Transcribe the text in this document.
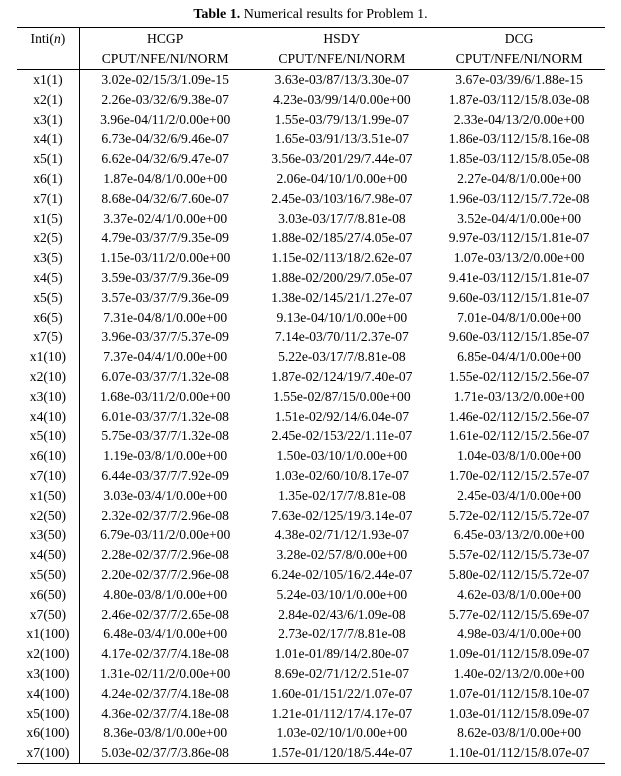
Table 1. Numerical results for Problem 1.
Inti(n)	HCGP	HSDY	DCG
	CPUT/NFE/NI/NORM	CPUT/NFE/NI/NORM	CPUT/NFE/NI/NORM
x1(1)	3.02e-02/15/3/1.09e-15	3.63e-03/87/13/3.30e-07	3.67e-03/39/6/1.88e-15
x2(1)	2.26e-03/32/6/9.38e-07	4.23e-03/99/14/0.00e+00	1.87e-03/112/15/8.03e-08
x3(1)	3.96e-04/11/2/0.00e+00	1.55e-03/79/13/1.99e-07	2.33e-04/13/2/0.00e+00
x4(1)	6.73e-04/32/6/9.46e-07	1.65e-03/91/13/3.51e-07	1.86e-03/112/15/8.16e-08
x5(1)	6.62e-04/32/6/9.47e-07	3.56e-03/201/29/7.44e-07	1.85e-03/112/15/8.05e-08
x6(1)	1.87e-04/8/1/0.00e+00	2.06e-04/10/1/0.00e+00	2.27e-04/8/1/0.00e+00
x7(1)	8.68e-04/32/6/7.60e-07	2.45e-03/103/16/7.98e-07	1.96e-03/112/15/7.72e-08
x1(5)	3.37e-02/4/1/0.00e+00	3.03e-03/17/7/8.81e-08	3.52e-04/4/1/0.00e+00
x2(5)	4.79e-03/37/7/9.35e-09	1.88e-02/185/27/4.05e-07	9.97e-03/112/15/1.81e-07
x3(5)	1.15e-03/11/2/0.00e+00	1.15e-02/113/18/2.62e-07	1.07e-03/13/2/0.00e+00
x4(5)	3.59e-03/37/7/9.36e-09	1.88e-02/200/29/7.05e-07	9.41e-03/112/15/1.81e-07
x5(5)	3.57e-03/37/7/9.36e-09	1.38e-02/145/21/1.27e-07	9.60e-03/112/15/1.81e-07
x6(5)	7.31e-04/8/1/0.00e+00	9.13e-04/10/1/0.00e+00	7.01e-04/8/1/0.00e+00
x7(5)	3.96e-03/37/7/5.37e-09	7.14e-03/70/11/2.37e-07	9.60e-03/112/15/1.85e-07
x1(10)	7.37e-04/4/1/0.00e+00	5.22e-03/17/7/8.81e-08	6.85e-04/4/1/0.00e+00
x2(10)	6.07e-03/37/7/1.32e-08	1.87e-02/124/19/7.40e-07	1.55e-02/112/15/2.56e-07
x3(10)	1.68e-03/11/2/0.00e+00	1.55e-02/87/15/0.00e+00	1.71e-03/13/2/0.00e+00
x4(10)	6.01e-03/37/7/1.32e-08	1.51e-02/92/14/6.04e-07	1.46e-02/112/15/2.56e-07
x5(10)	5.75e-03/37/7/1.32e-08	2.45e-02/153/22/1.11e-07	1.61e-02/112/15/2.56e-07
x6(10)	1.19e-03/8/1/0.00e+00	1.50e-03/10/1/0.00e+00	1.04e-03/8/1/0.00e+00
x7(10)	6.44e-03/37/7/7.92e-09	1.03e-02/60/10/8.17e-07	1.70e-02/112/15/2.57e-07
x1(50)	3.03e-03/4/1/0.00e+00	1.35e-02/17/7/8.81e-08	2.45e-03/4/1/0.00e+00
x2(50)	2.32e-02/37/7/2.96e-08	7.63e-02/125/19/3.14e-07	5.72e-02/112/15/5.72e-07
x3(50)	6.79e-03/11/2/0.00e+00	4.38e-02/71/12/1.93e-07	6.45e-03/13/2/0.00e+00
x4(50)	2.28e-02/37/7/2.96e-08	3.28e-02/57/8/0.00e+00	5.57e-02/112/15/5.73e-07
x5(50)	2.20e-02/37/7/2.96e-08	6.24e-02/105/16/2.44e-07	5.80e-02/112/15/5.72e-07
x6(50)	4.80e-03/8/1/0.00e+00	5.24e-03/10/1/0.00e+00	4.62e-03/8/1/0.00e+00
x7(50)	2.46e-02/37/7/2.65e-08	2.84e-02/43/6/1.09e-08	5.77e-02/112/15/5.69e-07
x1(100)	6.48e-03/4/1/0.00e+00	2.73e-02/17/7/8.81e-08	4.98e-03/4/1/0.00e+00
x2(100)	4.17e-02/37/7/4.18e-08	1.01e-01/89/14/2.80e-07	1.09e-01/112/15/8.09e-07
x3(100)	1.31e-02/11/2/0.00e+00	8.69e-02/71/12/2.51e-07	1.40e-02/13/2/0.00e+00
x4(100)	4.24e-02/37/7/4.18e-08	1.60e-01/151/22/1.07e-07	1.07e-01/112/15/8.10e-07
x5(100)	4.36e-02/37/7/4.18e-08	1.21e-01/112/17/4.17e-07	1.03e-01/112/15/8.09e-07
x6(100)	8.36e-03/8/1/0.00e+00	1.03e-02/10/1/0.00e+00	8.62e-03/8/1/0.00e+00
x7(100)	5.03e-02/37/7/3.86e-08	1.57e-01/120/18/5.44e-07	1.10e-01/112/15/8.07e-07
